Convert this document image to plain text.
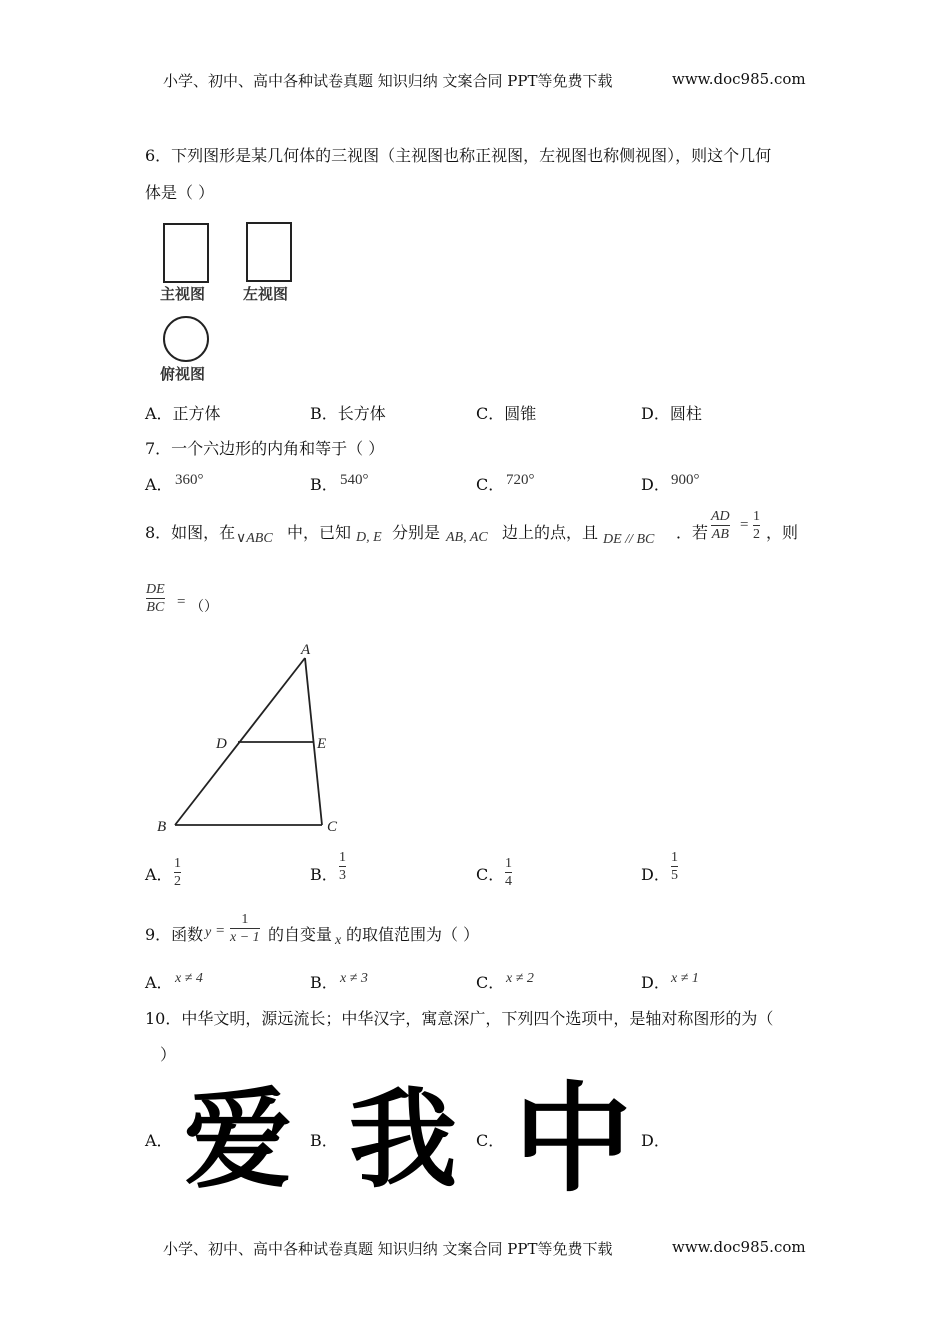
小学、初中、高中各种试卷真题 知识归纳 文案合同 PPT等免费下载	www.doc985.com
6．下列图形是某几何体的三视图（主视图也称正视图，左视图也称侧视图），则这个几何
体是（ ）
主视图	左视图
俯视图
A．正方体	B．长方体	C．圆锥	D．圆柱
7．一个六边形的内角和等于（ ）
A． 360°	B． 540°	C． 720°	D． 900°
8．如图，在 ∨ABC 中，已知 D, E 分别是 AB, AC 边上的点，且 DE // BC ．若
AD
AB
=
1
2 ，则
DE
BC = （）
A
D	E
B	C
A．
1
2	B．
1
3	C．
1
4	D．
1
5
9．函数 y =
1
x − 1 的自变量 x 的取值范围为（ ）
A． x ≠ 4	B． x ≠ 3	C． x ≠ 2	D． x ≠ 1
10．中华文明，源远流长；中华汉字，寓意深广，下列四个选项中，是轴对称图形的为（
）
A． 爱 B． 我 C． 中 D．
小学、初中、高中各种试卷真题 知识归纳 文案合同 PPT等免费下载	www.doc985.com
